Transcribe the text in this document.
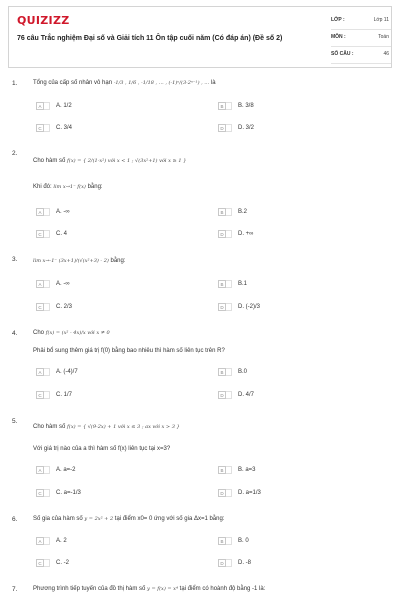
QUIZIZZ
76 câu Trắc nghiệm Đại số và Giải tích 11 Ôn tập cuối năm (Có đáp án) (Đề số 2)
LỚP :	Lớp 11
MÔN :	Toán
SỐ CÂU :	46
1.	Tổng của cấp số nhân vô hạn -1/3 , 1/6 , -1/18 , … , (-1)ⁿ/(3·2ⁿ⁻¹) , … là
A	A. 1/2	B	B. 3/8
C	C. 3/4	D	D. 3/2
2.
Cho hàm số f(x) = { 2/(1-x²) với x < 1 ; √(3x²+1) với x ≥ 1 }
Khi đó: lim x→1⁻ f(x) bằng:
A	A. -∞	B	B.2
C	C. 4	D	D. +∞
3.	lim x→-1⁻ (3x+1)/(√(x²+3) - 2) bằng:
A	A. -∞	B	B.1
C	C. 2/3	D	D. (-2)/3
4.	Cho f(x) = (x² - 4x)/x với x ≠ 0
Phải bổ sung thêm giá trị f(0) bằng bao nhiêu thì hàm số liên tục trên R?
A	A. (-4)/7	B	B.0
C	C. 1/7	D	D. 4/7
5.
Cho hàm số f(x) = { √(9-2x) + 1 với x ≤ 3 ; ax với x > 3 }
Với giá trị nào của a thì hàm số f(x) liên tục tại x=3?
A	A. a=-2	B	B. a=3
C	C. a=-1/3	D	D. a=1/3
6.	Số gia của hàm số y = 2x² + 2 tại điểm x0= 0 ứng với số gia Δx=1 bằng:
A	A. 2	B	B. 0
C	C. -2	D	D. -8
7.	Phương trình tiếp tuyến của đồ thị hàm số y = f(x) = x⁴ tại điểm có hoành độ bằng -1 là:
